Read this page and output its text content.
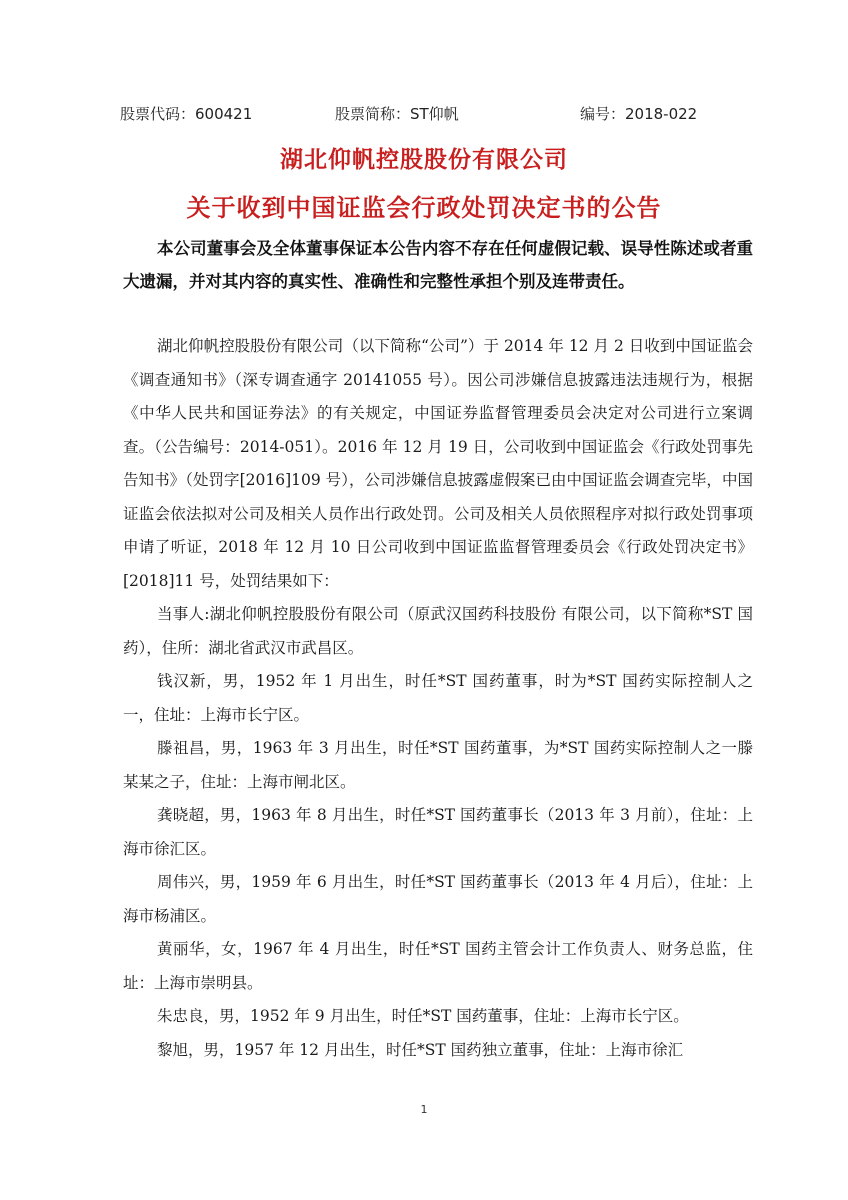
股票代码：600421	股票简称：ST仰帆	编号：2018-022
湖北仰帆控股股份有限公司
关于收到中国证监会行政处罚决定书的公告
本公司董事会及全体董事保证本公告内容不存在任何虚假记载、误导性陈述或者重大遗漏，并对其内容的真实性、准确性和完整性承担个别及连带责任。

湖北仰帆控股股份有限公司（以下简称“公司”）于 2014 年 12 月 2 日收到中国证监会《调查通知书》（深专调查通字 20141055 号）。因公司涉嫌信息披露违法违规行为，根据《中华人民共和国证券法》的有关规定，中国证券监督管理委员会决定对公司进行立案调查。（公告编号：2014-051）。2016 年 12 月 19 日，公司收到中国证监会《行政处罚事先告知书》（处罚字[2016]109 号），公司涉嫌信息披露虚假案已由中国证监会调查完毕，中国证监会依法拟对公司及相关人员作出行政处罚。公司及相关人员依照程序对拟行政处罚事项申请了听证，2018 年 12 月 10 日公司收到中国证监监督管理委员会《行政处罚决定书》[2018]11 号，处罚结果如下：

当事人:湖北仰帆控股股份有限公司（原武汉国药科技股份 有限公司，以下简称*ST 国药），住所：湖北省武汉市武昌区。

钱汉新，男，1952 年 1 月出生，时任*ST 国药董事，时为*ST 国药实际控制人之一，住址：上海市长宁区。

滕祖昌，男，1963 年 3 月出生，时任*ST 国药董事，为*ST 国药实际控制人之一滕某某之子，住址：上海市闸北区。

龚晓超，男，1963 年 8 月出生，时任*ST 国药董事长（2013 年 3 月前），住址：上海市徐汇区。

周伟兴，男，1959 年 6 月出生，时任*ST 国药董事长（2013 年 4 月后），住址：上海市杨浦区。

黄丽华，女，1967 年 4 月出生，时任*ST 国药主管会计工作负责人、财务总监，住址：上海市崇明县。

朱忠良，男，1952 年 9 月出生，时任*ST 国药董事，住址：上海市长宁区。

黎旭，男，1957 年 12 月出生，时任*ST 国药独立董事，住址：上海市徐汇

1
